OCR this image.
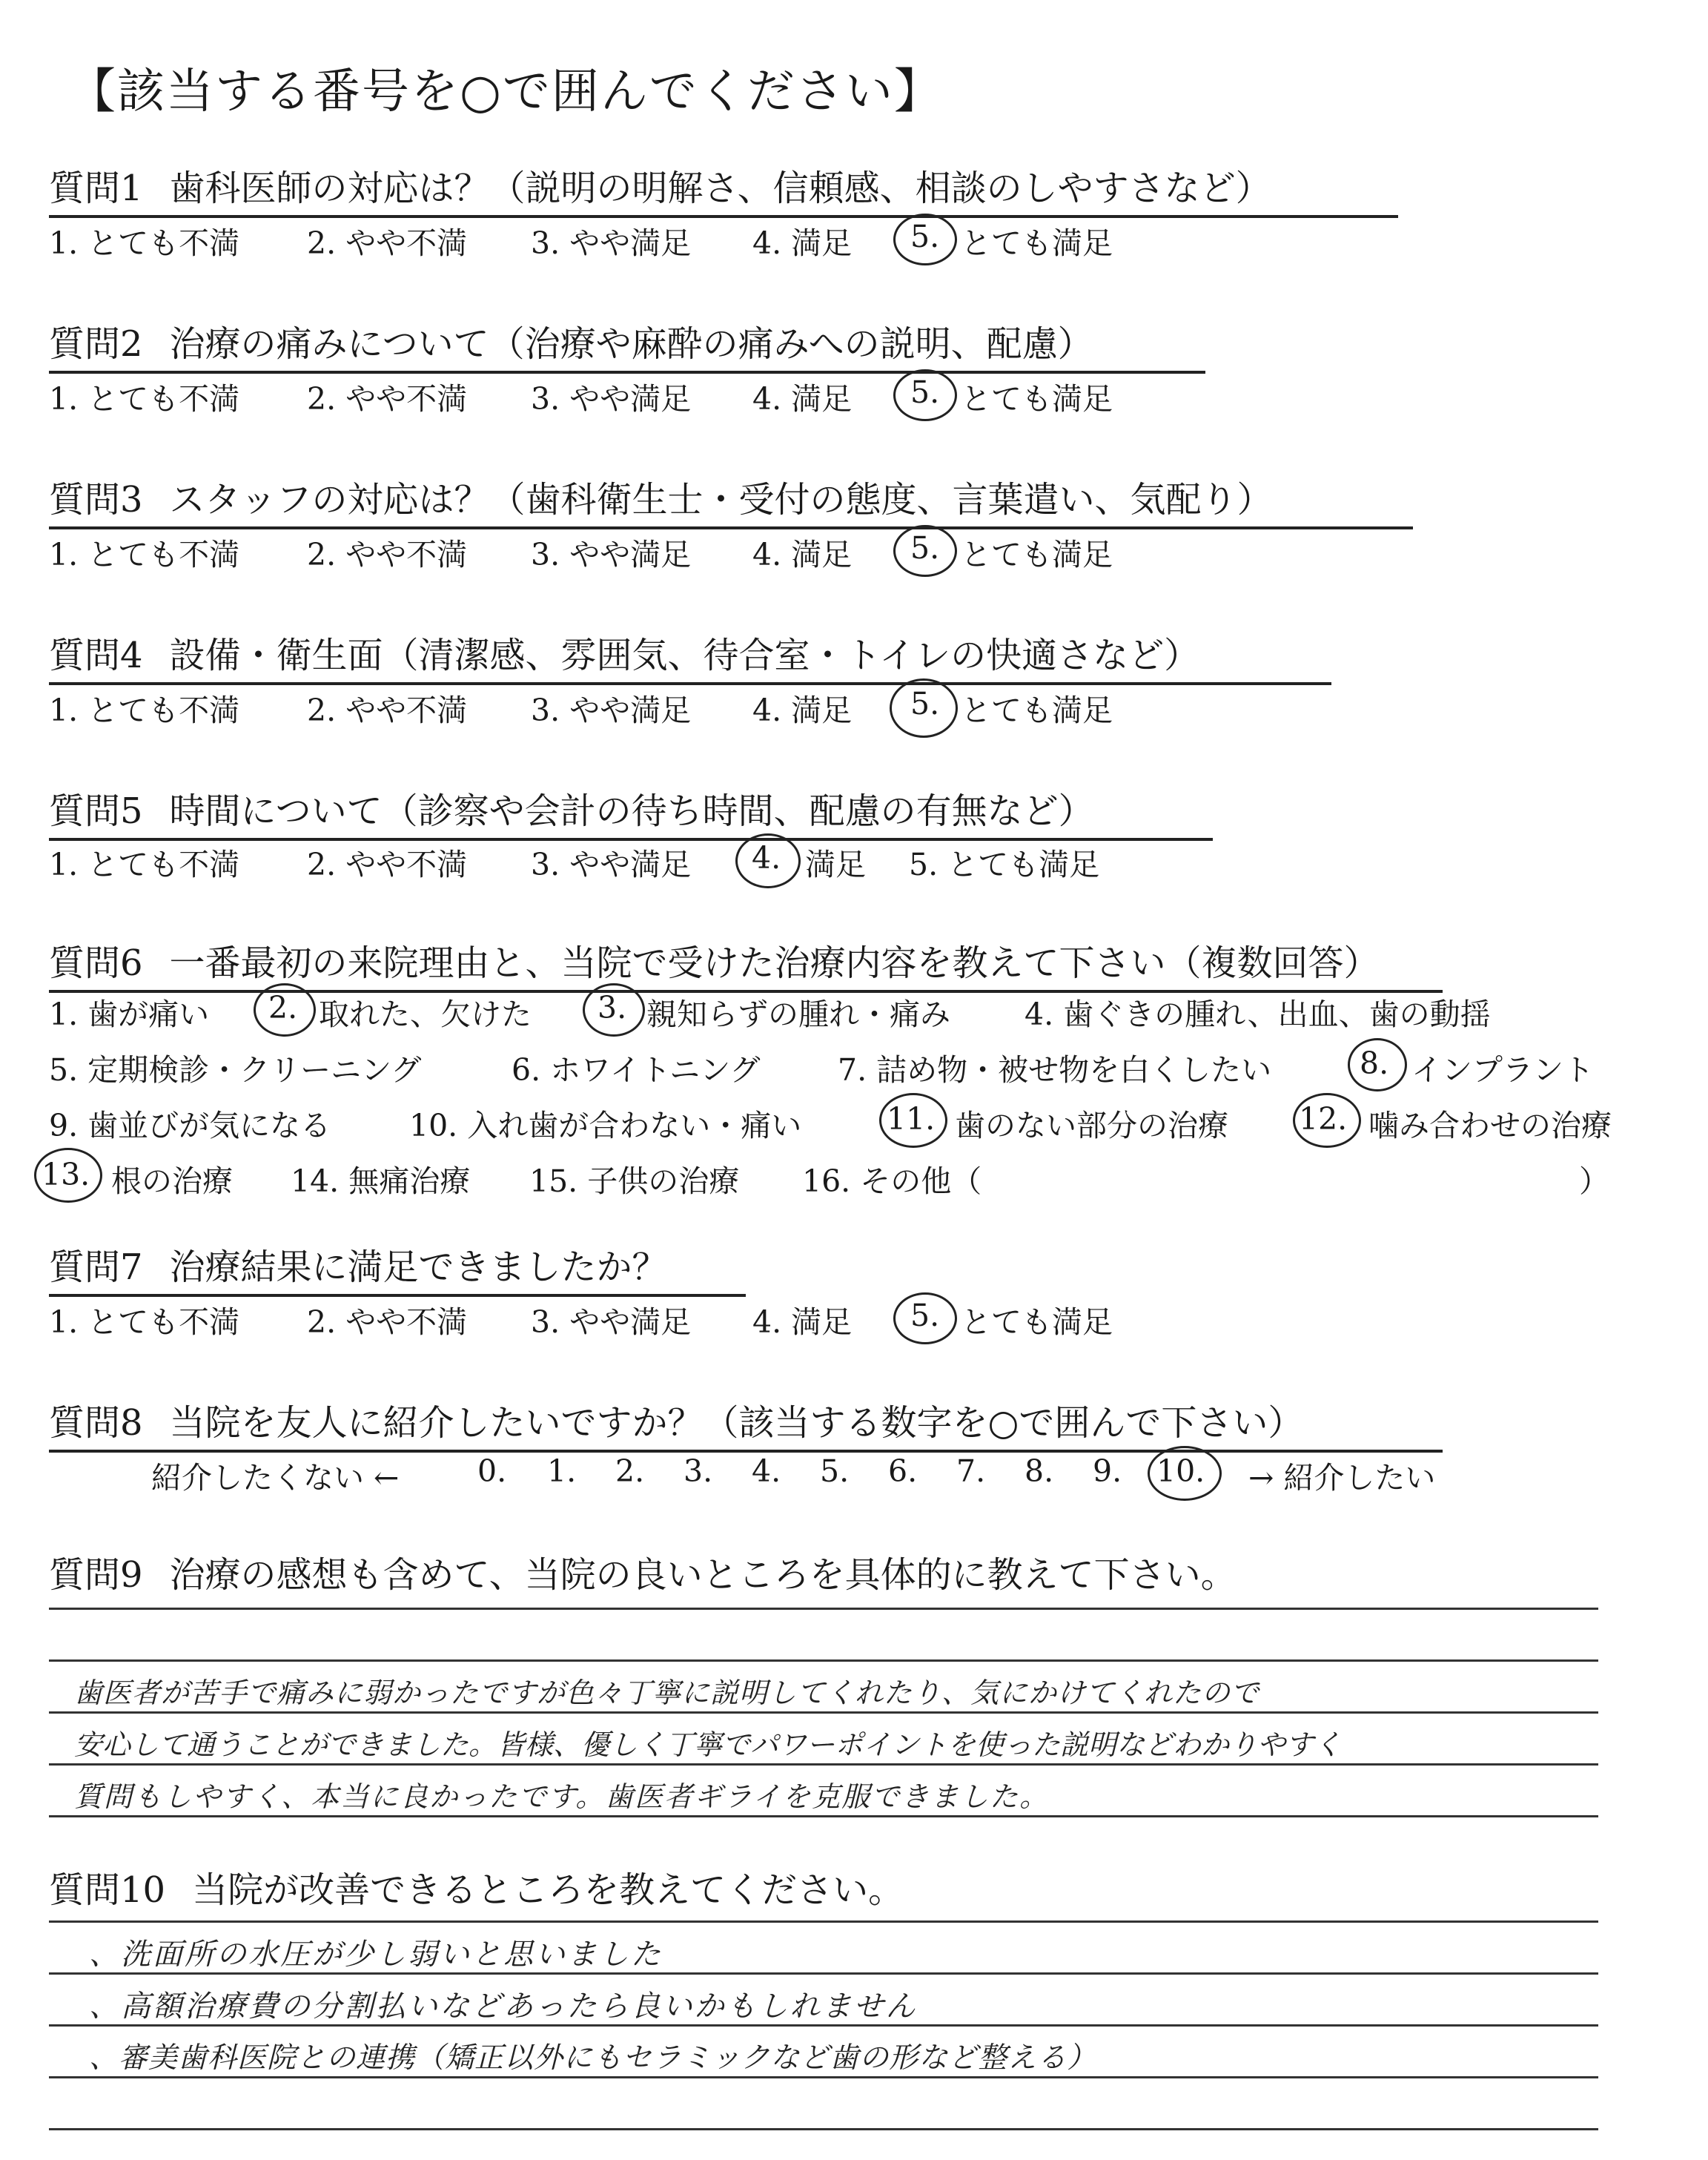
【該当する番号を○で囲んでください】
質問1 歯科医師の対応は？（説明の明解さ、信頼感、相談のしやすさなど）
1. とても不満 2. やや不満 3. やや満足 4. 満足 5. とても満足
質問2 治療の痛みについて（治療や麻酔の痛みへの説明、配慮）
1. とても不満 2. やや不満 3. やや満足 4. 満足 5. とても満足
質問3 スタッフの対応は？（歯科衛生士・受付の態度、言葉遣い、気配り）
1. とても不満 2. やや不満 3. やや満足 4. 満足 5. とても満足
質問4 設備・衛生面（清潔感、雰囲気、待合室・トイレの快適さなど）
1. とても不満 2. やや不満 3. やや満足 4. 満足 5. とても満足
質問5 時間について（診察や会計の待ち時間、配慮の有無など）
1. とても不満 2. やや不満 3. やや満足 4. 満足 5. とても満足
質問6 一番最初の来院理由と、当院で受けた治療内容を教えて下さい（複数回答）
1. 歯が痛い 2. 取れた、欠けた 3. 親知らずの腫れ・痛み 4. 歯ぐきの腫れ、出血、歯の動揺
5. 定期検診・クリーニング	6. ホワイトニング	7. 詰め物・被せ物を白くしたい	8. インプラント
9. 歯並びが気になる	10. 入れ歯が合わない・痛い	11. 歯のない部分の治療 12. 噛み合わせの治療
13. 根の治療 14. 無痛治療 15. 子供の治療 16. その他（	）
質問7 治療結果に満足できましたか？
1. とても不満 2. やや不満 3. やや満足 4. 満足 5. とても満足
質問8 当院を友人に紹介したいですか？（該当する数字を○で囲んで下さい）
紹介したくない ←	0. 1. 2. 3. 4. 5. 6. 7. 8. 9. 10. → 紹介したい
質問9 治療の感想も含めて、当院の良いところを具体的に教えて下さい。
歯医者が苦手で痛みに弱かったですが色々丁寧に説明してくれたり、気にかけてくれたので
安心して通うことができました。皆様、優しく丁寧でパワーポイントを使った説明などわかりやすく
質問もしやすく、本当に良かったです。歯医者ギライを克服できました。
質問10 当院が改善できるところを教えてください。
、洗面所の水圧が少し弱いと思いました
、高額治療費の分割払いなどあったら良いかもしれません
、審美歯科医院との連携（矯正以外にもセラミックなど歯の形など整える）
